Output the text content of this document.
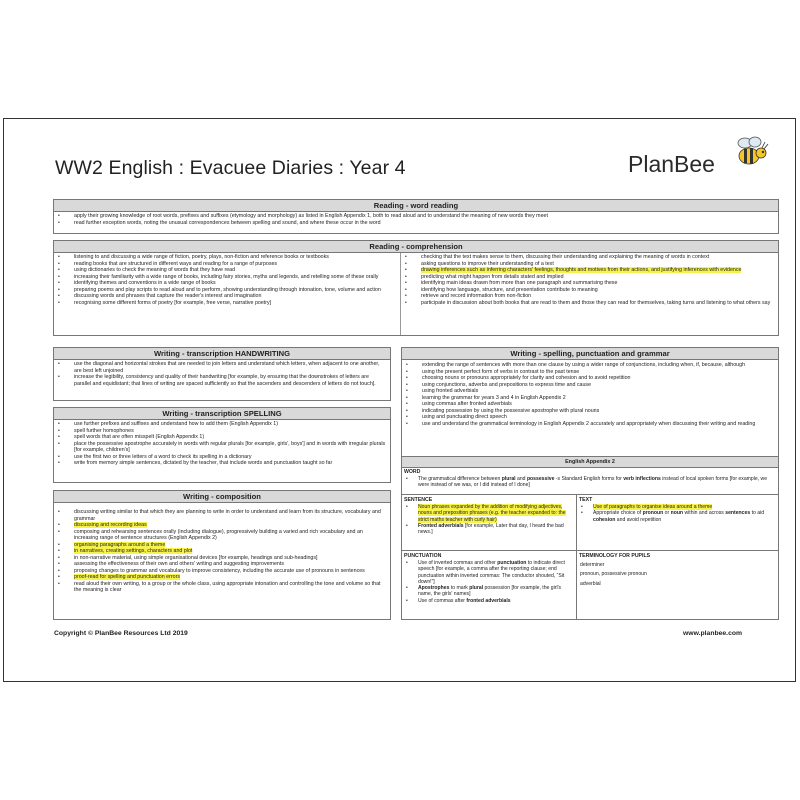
WW2 English : Evacuee Diaries : Year 4	PlanBee
Reading - word reading
• apply their growing knowledge of root words, prefixes and suffixes (etymology and morphology) as listed in English Appendix 1, both to read aloud and to understand the meaning of new words they meet
• read further exception words, noting the unusual correspondences between spelling and sound, and where these occur in the word
Reading - comprehension
• listening to and discussing a wide range of fiction, poetry, plays, non-fiction and reference books or textbooks
• reading books that are structured in different ways and reading for a range of purposes
• using dictionaries to check the meaning of words that they have read
• increasing their familiarity with a wide range of books, including fairy stories, myths and legends, and retelling some of these orally
• identifying themes and conventions in a wide range of books
• preparing poems and play scripts to read aloud and to perform, showing understanding through intonation, tone, volume and action
• discussing words and phrases that capture the reader's interest and imagination
• recognising some different forms of poetry [for example, free verse, narrative poetry]
• checking that the text makes sense to them, discussing their understanding and explaining the meaning of words in context
• asking questions to improve their understanding of a text
• drawing inferences such as inferring characters' feelings, thoughts and motives from their actions, and justifying inferences with evidence
• predicting what might happen from details stated and implied
• identifying main ideas drawn from more than one paragraph and summarising these
• identifying how language, structure, and presentation contribute to meaning
• retrieve and record information from non-fiction
• participate in discussion about both books that are read to them and those they can read for themselves, taking turns and listening to what others say
Writing - transcription HANDWRITING
• use the diagonal and horizontal strokes that are needed to join letters and understand which letters, when adjacent to one another, are best left unjoined
• increase the legibility, consistency and quality of their handwriting [for example, by ensuring that the downstrokes of letters are parallel and equidistant; that lines of writing are spaced sufficiently so that the ascenders and descenders of letters do not touch].
Writing - transcription SPELLING
• use further prefixes and suffixes and understand how to add them (English Appendix 1)
• spell further homophones
• spell words that are often misspelt (English Appendix 1)
• place the possessive apostrophe accurately in words with regular plurals [for example, girls', boys'] and in words with irregular plurals [for example, children's]
• use the first two or three letters of a word to check its spelling in a dictionary
• write from memory simple sentences, dictated by the teacher, that include words and punctuation taught so far
Writing - composition
• discussing writing similar to that which they are planning to write in order to understand and learn from its structure, vocabulary and grammar
• discussing and recording ideas
• composing and rehearsing sentences orally (including dialogue), progressively building a varied and rich vocabulary and an increasing range of sentence structures (English Appendix 2)
• organising paragraphs around a theme
• in narratives, creating settings, characters and plot
• in non-narrative material, using simple organisational devices [for example, headings and sub-headings]
• assessing the effectiveness of their own and others' writing and suggesting improvements
• proposing changes to grammar and vocabulary to improve consistency, including the accurate use of pronouns in sentences
• proof-read for spelling and punctuation errors
• read aloud their own writing, to a group or the whole class, using appropriate intonation and controlling the tone and volume so that the meaning is clear
Writing - spelling, punctuation and grammar
• extending the range of sentences with more than one clause by using a wider range of conjunctions, including when, if, because, although
• using the present perfect form of verbs in contrast to the past tense
• choosing nouns or pronouns appropriately for clarity and cohesion and to avoid repetition
• using conjunctions, adverbs and prepositions to express time and cause
• using fronted adverbials
• learning the grammar for years 3 and 4 in English Appendix 2
• using commas after fronted adverbials
• indicating possession by using the possessive apostrophe with plural nouns
• using and punctuating direct speech
• use and understand the grammatical terminology in English Appendix 2 accurately and appropriately when discussing their writing and reading
English Appendix 2
WORD
• The grammatical difference between plural and possessive -s Standard English forms for verb inflections instead of local spoken forms [for example, we were instead of we was, or I did instead of I done]
SENTENCE
• Noun phrases expanded by the addition of modifying adjectives, nouns and preposition phrases (e.g. the teacher expanded to: the strict maths teacher with curly hair)
• Fronted adverbials [for example, Later that day, I heard the bad news.]
TEXT
• Use of paragraphs to organise ideas around a theme
• Appropriate choice of pronoun or noun within and across sentences to aid cohesion and avoid repetition
PUNCTUATION
• Use of inverted commas and other punctuation to indicate direct speech [for example, a comma after the reporting clause; end punctuation within inverted commas: The conductor shouted, “Sit down!”]
• Apostrophes to mark plural possession [for example, the girl's name, the girls' names]
• Use of commas after fronted adverbials
TERMINOLOGY FOR PUPILS
determiner
pronoun, possessive pronoun
adverbial
Copyright © PlanBee Resources Ltd 2019	www.planbee.com
